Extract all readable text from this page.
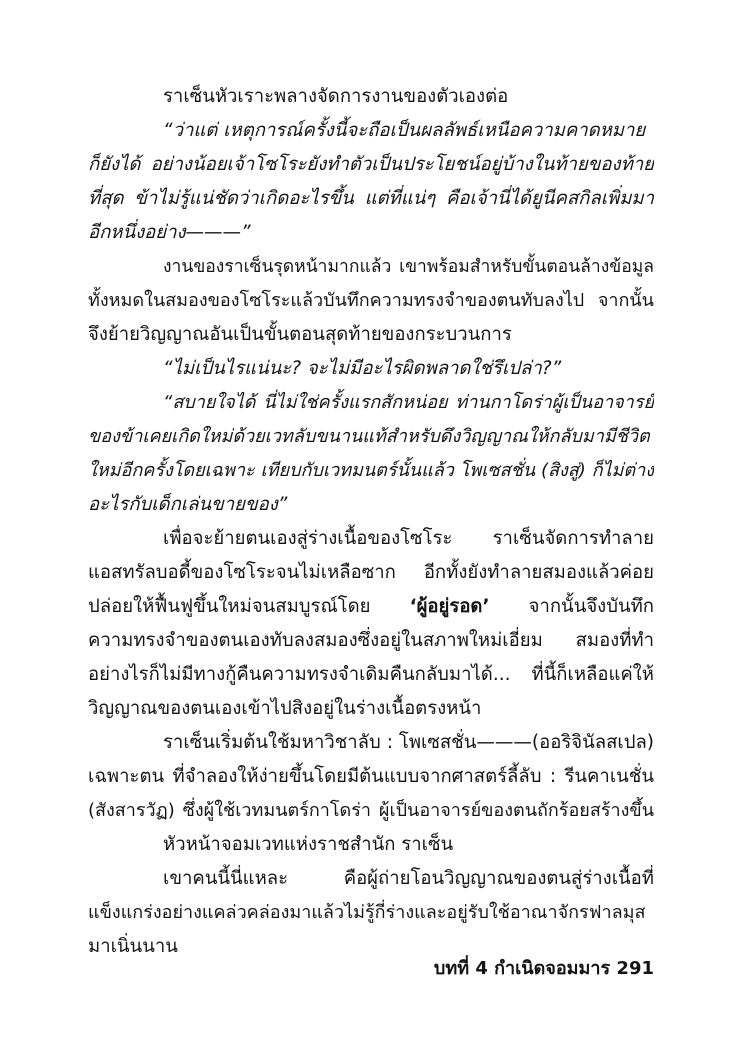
ราเซ็นหัวเราะพลางจัดการงานของตัวเองต่อ
“ว่าแต่ เหตุการณ์ครั้งนี้จะถือเป็นผลลัพธ์เหนือความคาดหมาย
ก็ยังได้ อย่างน้อยเจ้าโซโระยังทำตัวเป็นประโยชน์อยู่บ้างในท้ายของท้าย
ที่สุด ข้าไม่รู้แน่ชัดว่าเกิดอะไรขึ้น แต่ที่แน่ๆ คือเจ้านี่ได้ยูนีคสกิลเพิ่มมา
อีกหนึ่งอย่าง———”
งานของราเซ็นรุดหน้ามากแล้ว เขาพร้อมสำหรับขั้นตอนล้างข้อมูล
ทั้งหมดในสมองของโซโระแล้วบันทึกความทรงจำของตนทับลงไป จากนั้น
จึงย้ายวิญญาณอันเป็นขั้นตอนสุดท้ายของกระบวนการ
“ไม่เป็นไรแน่นะ? จะไม่มีอะไรผิดพลาดใช่รึเปล่า?”
“สบายใจได้ นี่ไม่ใช่ครั้งแรกสักหน่อย ท่านกาโดร่าผู้เป็นอาจารย์
ของข้าเคยเกิดใหม่ด้วยเวทลับขนานแท้สำหรับดึงวิญญาณให้กลับมามีชีวิต
ใหม่อีกครั้งโดยเฉพาะ เทียบกับเวทมนตร์นั้นแล้ว โพเซสชั่น (สิงสู่) ก็ไม่ต่าง
อะไรกับเด็กเล่นขายของ”
เพื่อจะย้ายตนเองสู่ร่างเนื้อของโซโระ ราเซ็นจัดการทำลาย
แอสทรัลบอดี้ของโซโระจนไม่เหลือซาก อีกทั้งยังทำลายสมองแล้วค่อย
ปล่อยให้ฟื้นฟูขึ้นใหม่จนสมบูรณ์โดย ‘ผู้อยู่รอด’ จากนั้นจึงบันทึก
ความทรงจำของตนเองทับลงสมองซึ่งอยู่ในสภาพใหม่เอี่ยม สมองที่ทำ
อย่างไรก็ไม่มีทางกู้คืนความทรงจำเดิมคืนกลับมาได้... ที่นี้ก็เหลือแค่ให้
วิญญาณของตนเองเข้าไปสิงอยู่ในร่างเนื้อตรงหน้า
ราเซ็นเริ่มต้นใช้มหาวิชาลับ : โพเซสชั่น———(ออริจินัลสเปล)
เฉพาะตน ที่จำลองให้ง่ายขึ้นโดยมีต้นแบบจากศาสตร์ลี้ลับ : รีนคาเนชั่น
(สังสารวัฏ) ซึ่งผู้ใช้เวทมนตร์กาโดร่า ผู้เป็นอาจารย์ของตนถักร้อยสร้างขึ้น
หัวหน้าจอมเวทแห่งราชสำนัก ราเซ็น
เขาคนนี้นี่แหละ คือผู้ถ่ายโอนวิญญาณของตนสู่ร่างเนื้อที่
แข็งแกร่งอย่างแคล่วคล่องมาแล้วไม่รู้กี่ร่างและอยู่รับใช้อาณาจักรฟาลมุส
มาเนิ่นนาน
บทที่ 4 กำเนิดจอมมาร 291
